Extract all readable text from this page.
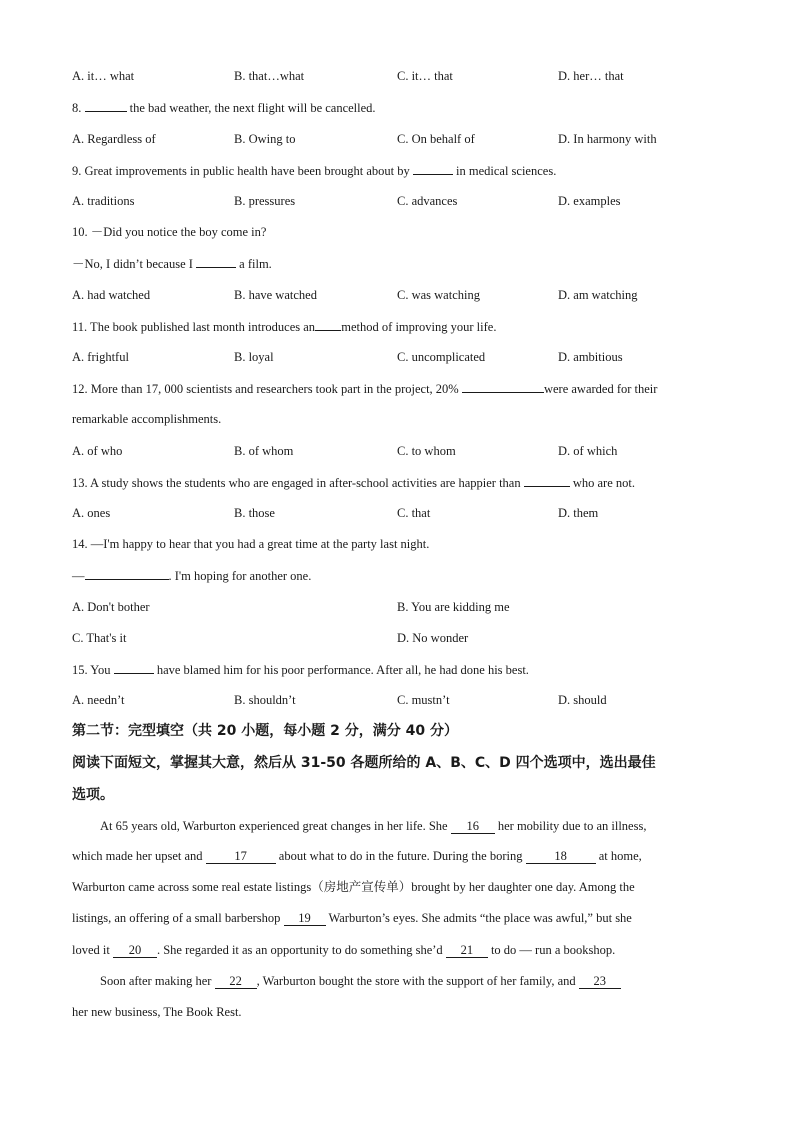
A. it… what	B. that…what	C. it… that	D. her… that
8.	the bad weather, the next flight will be cancelled.
A. Regardless of	B. Owing to	C. On behalf of	D. In harmony with
9. Great improvements in public health have been brought about by	in medical sciences.
A. traditions	B. pressures	C. advances	D. examples
10. －Did you notice the boy come in?
－No, I didn’t because I	a film.
A. had watched	B. have watched	C. was watching	D. am watching
11. The book published last month introduces an method of improving your life.
A. frightful	B. loyal	C. uncomplicated	D. ambitious
12. More than 17, 000 scientists and researchers took part in the project, 20%	were awarded for their
remarkable accomplishments.
A. of who	B. of whom	C. to whom	D. of which
13. A study shows the students who are engaged in after-school activities are happier than	who are not.
A. ones	B. those	C. that	D. them
14. —I'm happy to hear that you had a great time at the party last night.
—	. I'm hoping for another one.
A. Don't bother	B. You are kidding me
C. That's it	D. No wonder
15. You	have blamed him for his poor performance. After all, he had done his best.
A. needn’t	B. shouldn’t	C. mustn’t	D. should
第二节：完型填空（共 20 小题，每小题 2 分，满分 40 分）
阅读下面短文，掌握其大意，然后从 31-50 各题所给的 A、B、C、D 四个选项中，选出最佳
选项。
At 65 years old, Warburton experienced great changes in her life. She 16 her mobility due to an illness,
which made her upset and	17	about what to do in the future. During the boring	18	at home,
Warburton came across some real estate listings（房地产宣传单）brought by her daughter one day. Among the
listings, an offering of a small barbershop 19 Warburton’s eyes. She admits “the place was awful,” but she
loved it 20 . She regarded it as an opportunity to do something she’d 21 to do — run a bookshop.
Soon after making her 22 , Warburton bought the store with the support of her family, and 23
her new business, The Book Rest.
